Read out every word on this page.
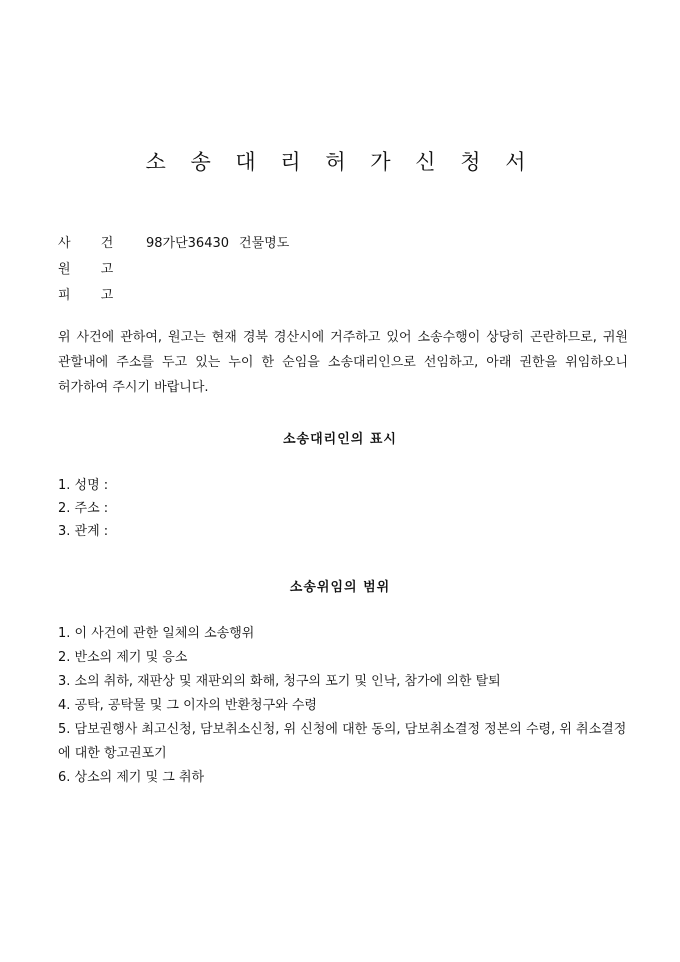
소 송 대 리 허 가 신 청 서
사 건	98가단36430 건물명도
원 고
피 고

위 사건에 관하여, 원고는 현재 경북 경산시에 거주하고 있어 소송수행이 상당히 곤란하므로, 귀원 관할내에 주소를 두고 있는 누이 한 순임을 소송대리인으로 선임하고, 아래 권한을 위임하오니 허가하여 주시기 바랍니다.

소송대리인의 표시
1. 성명 :
2. 주소 :
3. 관계 :
소송위임의 범위
1. 이 사건에 관한 일체의 소송행위
2. 반소의 제기 및 응소
3. 소의 취하, 재판상 및 재판외의 화해, 청구의 포기 및 인낙, 참가에 의한 탈퇴
4. 공탁, 공탁물 및 그 이자의 반환청구와 수령
5. 담보권행사 최고신청, 담보취소신청, 위 신청에 대한 동의, 담보취소결정 정본의 수령, 위 취소결정에 대한 항고권포기
6. 상소의 제기 및 그 취하
